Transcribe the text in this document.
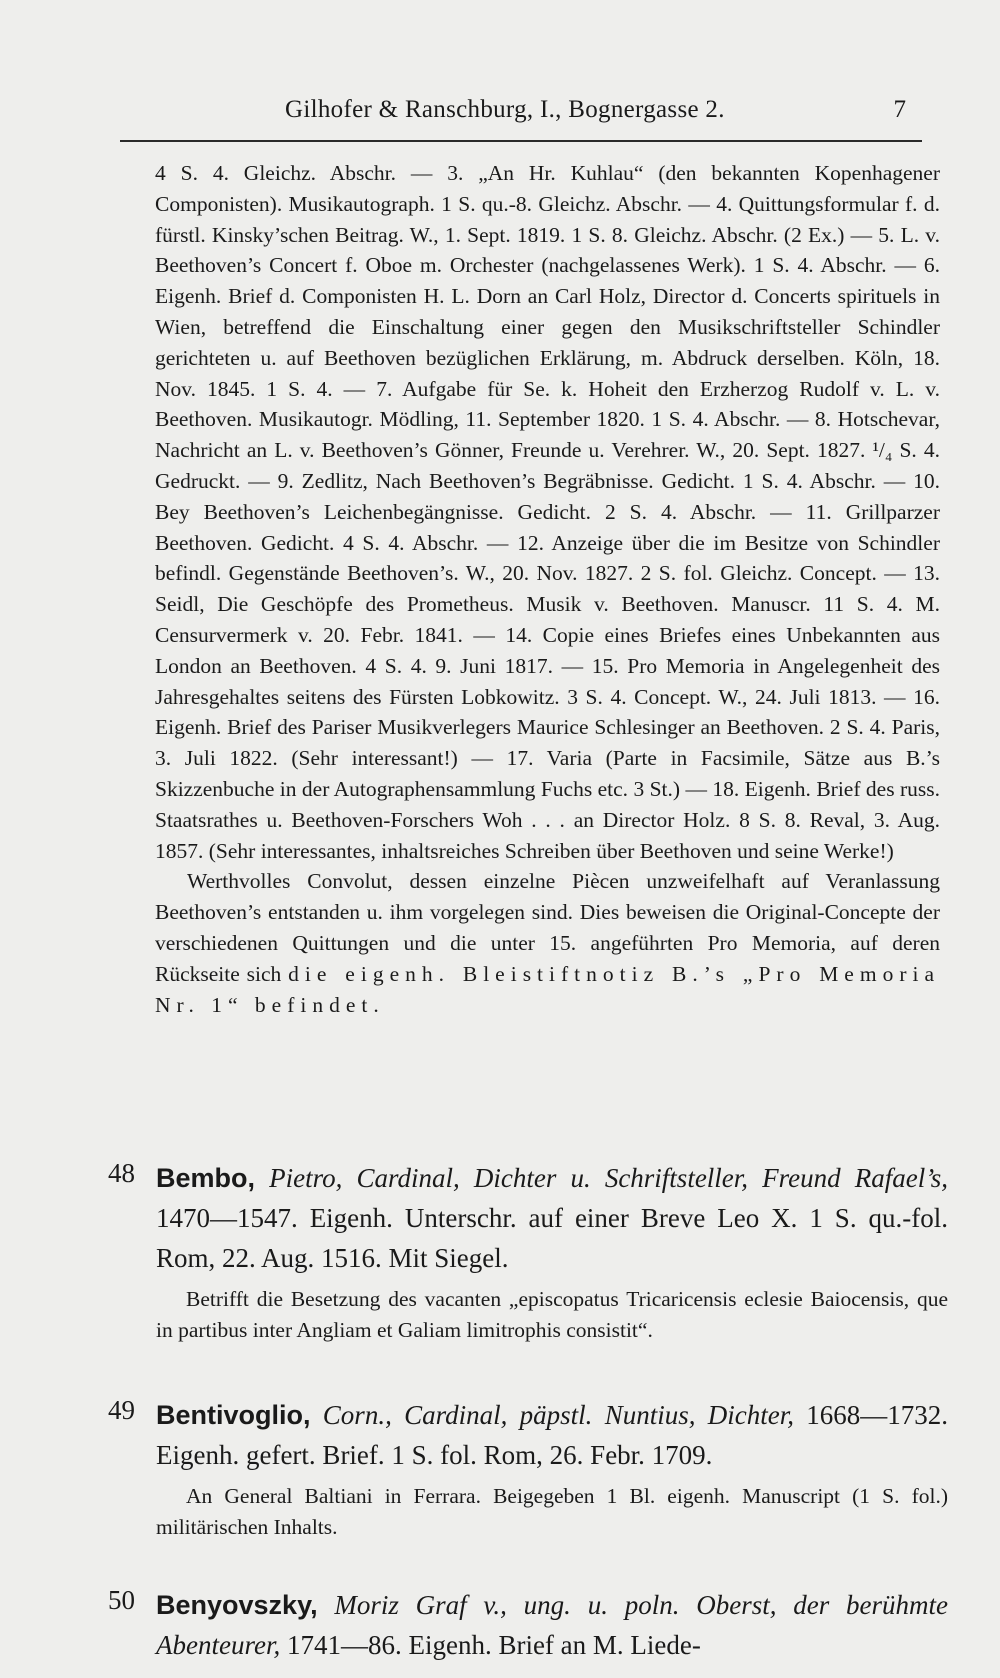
Gilhofer & Ranschburg, I., Bognergasse 2.	7

4 S. 4. Gleichz. Abschr. — 3. „An Hr. Kuhlau“ (den bekannten Kopenhagener Componisten). Musikautograph. 1 S. qu.-8. Gleichz. Abschr. — 4. Quittungsformular f. d. fürstl. Kinsky’schen Beitrag. W., 1. Sept. 1819. 1 S. 8. Gleichz. Abschr. (2 Ex.) — 5. L. v. Beethoven’s Concert f. Oboe m. Orchester (nachgelassenes Werk). 1 S. 4. Abschr. — 6. Eigenh. Brief d. Componisten H. L. Dorn an Carl Holz, Director d. Concerts spirituels in Wien, betreffend die Einschaltung einer gegen den Musikschriftsteller Schindler gerichteten u. auf Beethoven bezüglichen Erklärung, m. Abdruck derselben. Köln, 18. Nov. 1845. 1 S. 4. — 7. Aufgabe für Se. k. Hoheit den Erzherzog Rudolf v. L. v. Beethoven. Musikautogr. Mödling, 11. September 1820. 1 S. 4. Abschr. — 8. Hotschevar, Nachricht an L. v. Beethoven’s Gönner, Freunde u. Verehrer. W., 20. Sept. 1827. ¹/₄ S. 4. Gedruckt. — 9. Zedlitz, Nach Beethoven’s Begräbnisse. Gedicht. 1 S. 4. Abschr. — 10. Bey Beethoven’s Leichenbegängnisse. Gedicht. 2 S. 4. Abschr. — 11. Grillparzer Beethoven. Gedicht. 4 S. 4. Abschr. — 12. Anzeige über die im Besitze von Schindler befindl. Gegenstände Beethoven’s. W., 20. Nov. 1827. 2 S. fol. Gleichz. Concept. — 13. Seidl, Die Geschöpfe des Prometheus. Musik v. Beethoven. Manuscr. 11 S. 4. M. Censurvermerk v. 20. Febr. 1841. — 14. Copie eines Briefes eines Unbekannten aus London an Beethoven. 4 S. 4. 9. Juni 1817. — 15. Pro Memoria in Angelegenheit des Jahresgehaltes seitens des Fürsten Lobkowitz. 3 S. 4. Concept. W., 24. Juli 1813. — 16. Eigenh. Brief des Pariser Musikverlegers Maurice Schlesinger an Beethoven. 2 S. 4. Paris, 3. Juli 1822. (Sehr interessant!) — 17. Varia (Parte in Facsimile, Sätze aus B.’s Skizzenbuche in der Autographensammlung Fuchs etc. 3 St.) — 18. Eigenh. Brief des russ. Staatsrathes u. Beethoven-Forschers Woh . . . an Director Holz. 8 S. 8. Reval, 3. Aug. 1857. (Sehr interessantes, inhaltsreiches Schreiben über Beethoven und seine Werke!)

Werthvolles Convolut, dessen einzelne Piècen unzweifelhaft auf Veranlassung Beethoven’s entstanden u. ihm vorgelegen sind. Dies beweisen die Original-Concepte der verschiedenen Quittungen und die unter 15. angeführten Pro Memoria, auf deren Rückseite sich die eigenh. Bleistiftnotiz B.’s „Pro Memoria Nr. 1“ befindet.

48 Bembo, Pietro, Cardinal, Dichter u. Schriftsteller, Freund Rafael’s, 1470—1547. Eigenh. Unterschr. auf einer Breve Leo X. 1 S. qu.-fol. Rom, 22. Aug. 1516. Mit Siegel.
Betrifft die Besetzung des vacanten „episcopatus Tricaricensis eclesie Baiocensis, que in partibus inter Angliam et Galiam limitrophis consistit“.
49 Bentivoglio, Corn., Cardinal, päpstl. Nuntius, Dichter, 1668—1732. Eigenh. gefert. Brief. 1 S. fol. Rom, 26. Febr. 1709.
An General Baltiani in Ferrara. Beigegeben 1 Bl. eigenh. Manuscript (1 S. fol.) militärischen Inhalts.
50 Benyovszky, Moriz Graf v., ung. u. poln. Oberst, der berühmte Abenteurer, 1741—86. Eigenh. Brief an M. Liede-
